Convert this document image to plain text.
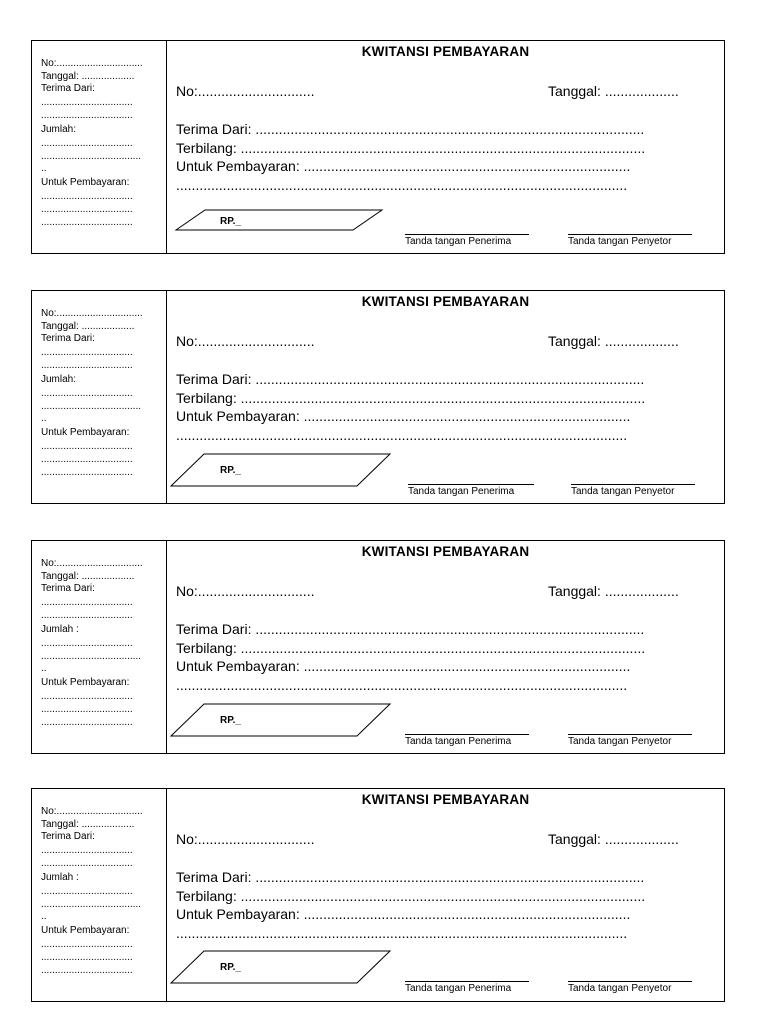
No:...............................
Tanggal: ...................
Terima Dari:
.................................
.................................
Jumlah:
.................................
....................................
..
Untuk Pembayaran:
.................................
.................................
.................................
KWITANSI PEMBAYARAN
No:..............................	Tanggal: ...................
Terima Dari: ....................................................................................................
Terbilang: ........................................................................................................
Untuk Pembayaran: ....................................................................................
....................................................................................................................
RP._
Tanda tangan Penerima	Tanda tangan Penyetor
No:...............................
Tanggal: ...................
Terima Dari:
.................................
.................................
Jumlah:
.................................
....................................
..
Untuk Pembayaran:
.................................
.................................
.................................
KWITANSI PEMBAYARAN
No:..............................	Tanggal: ...................
Terima Dari: ....................................................................................................
Terbilang: ........................................................................................................
Untuk Pembayaran: ....................................................................................
....................................................................................................................
RP._
Tanda tangan Penerima	Tanda tangan Penyetor
No:...............................
Tanggal: ...................
Terima Dari:
.................................
.................................
Jumlah :
.................................
....................................
..
Untuk Pembayaran:
.................................
.................................
.................................
KWITANSI PEMBAYARAN
No:..............................	Tanggal: ...................
Terima Dari: ....................................................................................................
Terbilang: ........................................................................................................
Untuk Pembayaran: ....................................................................................
....................................................................................................................
RP._
Tanda tangan Penerima	Tanda tangan Penyetor
No:...............................
Tanggal: ...................
Terima Dari:
.................................
.................................
Jumlah :
.................................
....................................
..
Untuk Pembayaran:
.................................
.................................
.................................
KWITANSI PEMBAYARAN
No:..............................	Tanggal: ...................
Terima Dari: ....................................................................................................
Terbilang: ........................................................................................................
Untuk Pembayaran: ....................................................................................
....................................................................................................................
RP._
Tanda tangan Penerima	Tanda tangan Penyetor
